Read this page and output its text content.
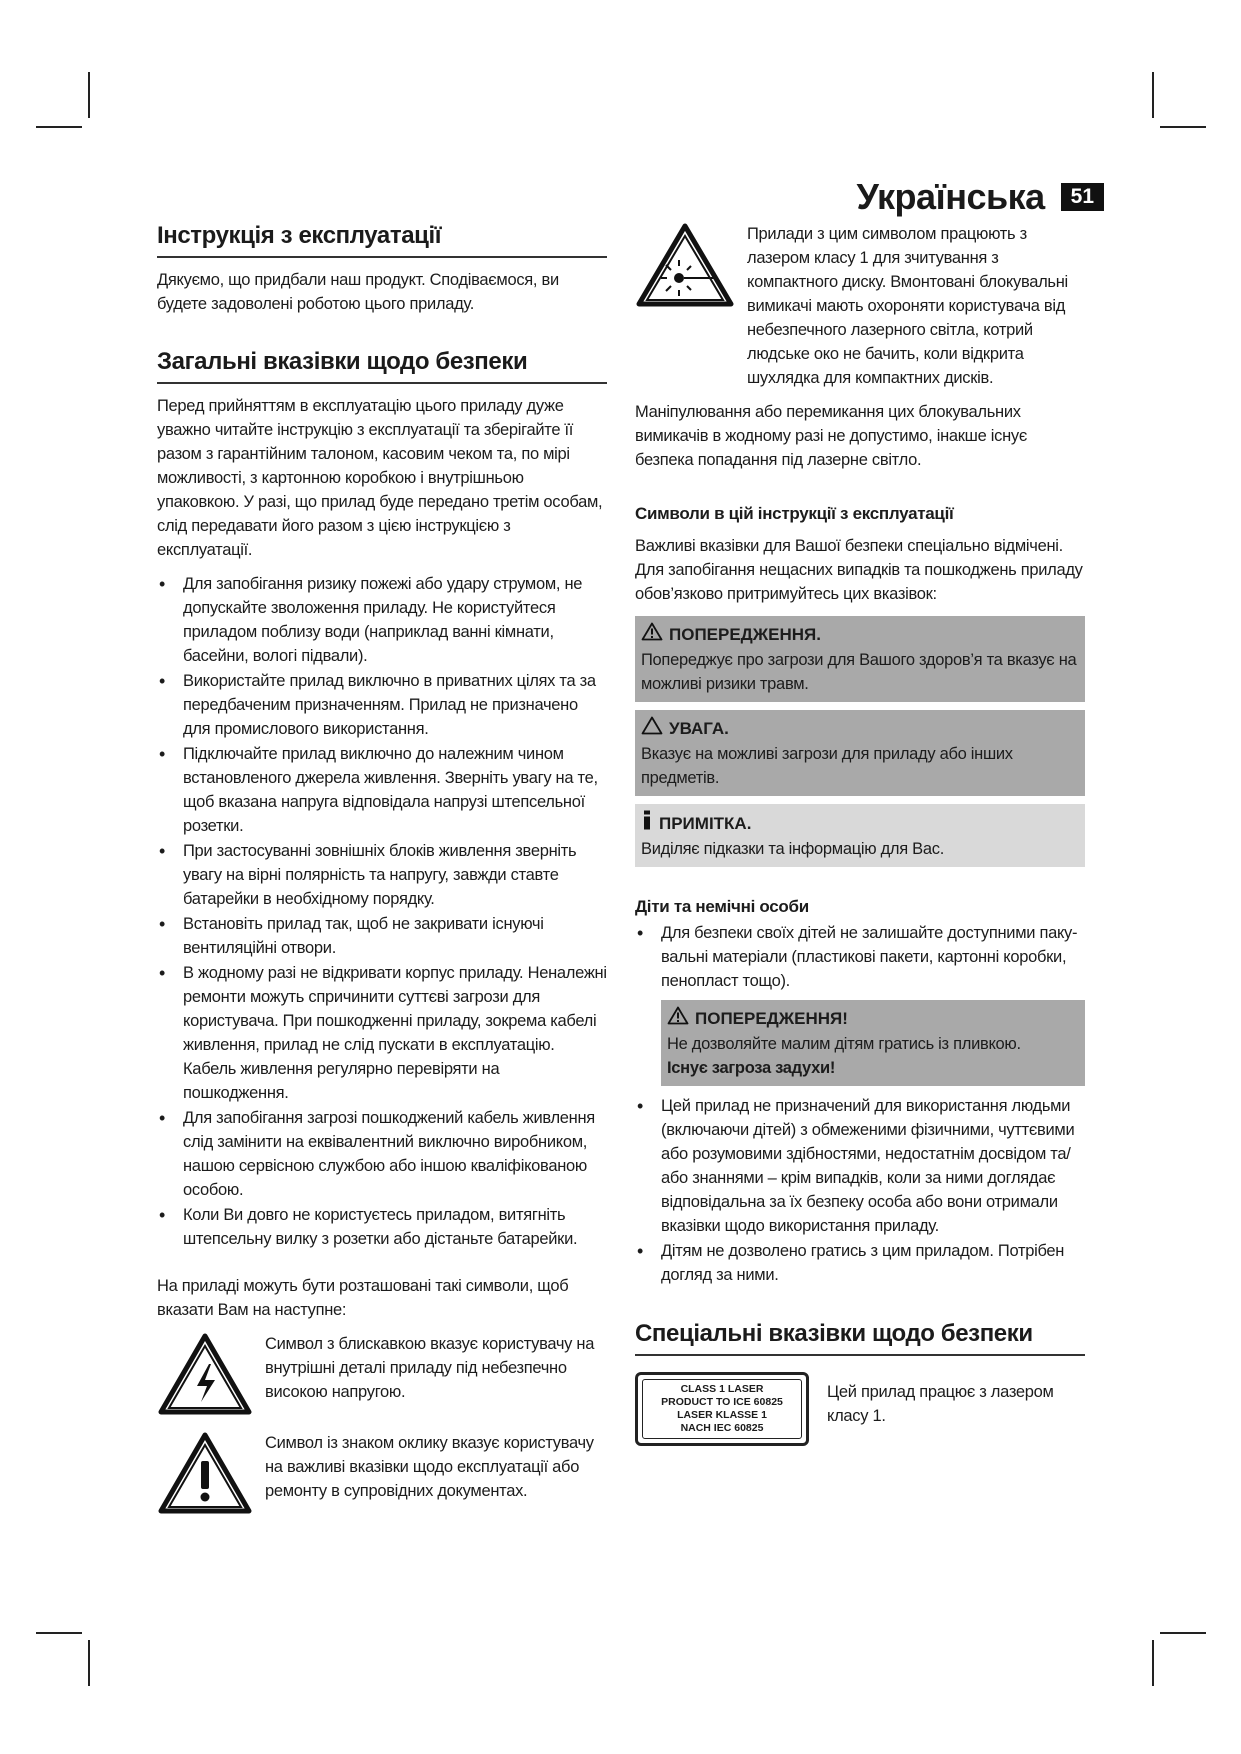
Українська	51
Інструкція з експлуатації

Дякуємо, що придбали наш продукт. Сподіваємося, ви будете задоволені роботою цього приладу.

Загальні вказівки щодо безпеки

Перед прийняттям в експлуатацію цього приладу дуже уважно читайте інструкцію з експлуатації та зберігайте її разом з гарантійним талоном, касовим чеком та, по мірі можливості, з картонною коробкою і внутрішньою упаковкою. У разі, що прилад буде передано третім особам, слід передавати його разом з цією інструкцією з експлуатації.

• Для запобігання ризику пожежі або удару струмом, не допускайте зволоження приладу. Не користуйтеся приладом поблизу води (наприклад ванні кімнати, басейни, вологі підвали).
• Використайте прилад виключно в приватних цілях та за передбаченим призначенням. Прилад не призначено для промислового використання.
• Підключайте прилад виключно до належним чином встановленого джерела живлення. Зверніть увагу на те, щоб вказана напруга відповідала напрузі штепсельної розетки.
• При застосуванні зовнішніх блоків живлення зверніть увагу на вірні полярність та напругу, завжди ставте батарейки в необхідному порядку.
• Встановіть прилад так, щоб не закривати існуючі вентиляційні отвори.
• В жодному разі не відкривати корпус приладу. Неналежні ремонти можуть спричинити суттєві загрози для користувача. При пошкодженні приладу, зокрема кабелі живлення, прилад не слід пускати в експлуатацію. Кабель живлення регулярно перевіряти на пошкодження.
• Для запобігання загрозі пошкоджений кабель живлення слід замінити на еквівалентний виключно виробником, нашою сервісною службою або іншою кваліфікованою особою.
• Коли Ви довго не користуєтесь приладом, витягніть штепсельну вилку з розетки або дістаньте батарейки.

На приладі можуть бути розташовані такі символи, щоб вказати Вам на наступне:

Символ з блискавкою вказує користувачу на внутрішні деталі приладу під небезпечно високою напругою.

Символ із знаком оклику вказує користувачу на важливі вказівки щодо експлуатації або ремонту в супровідних документах.

Прилади з цим символом працюють з лазером класу 1 для зчитування з компактного диску. Вмонтовані блокувальні вимикачі мають охороняти користувача від небезпечного лазерного світла, котрий людське око не бачить, коли відкрита шухлядка для компактних дисків.

Маніпулювання або перемикання цих блокувальних вимикачів в жодному разі не допустимо, інакше існує безпека попадання під лазерне світло.

Символи в цій інструкції з експлуатації

Важливі вказівки для Вашої безпеки спеціально відмічені. Для запобігання нещасних випадків та пошкоджень приладу обов’язково притримуйтесь цих вказівок:

ПОПЕРЕДЖЕННЯ.

Попереджує про загрози для Вашого здоров’я та вказує на можливі ризики травм.

УВАГА.

Вказує на можливі загрози для приладу або інших предметів.

ПРИМІТКА.

Виділяє підказки та інформацію для Вас.

Діти та немічні особи
• Для безпеки своїх дітей не залишайте доступними паку-вальні матеріали (пластикові пакети, картонні коробки, пенопласт тощо).
ПОПЕРЕДЖЕННЯ!

Не дозволяйте малим дітям гратись із пливкою.

Існує загроза задухи!

• Цей прилад не призначений для використання людьми (включаючи дітей) з обмеженими фізичними, чуттєвими або розумовими здібностями, недостатнім досвідом та/або знаннями – крім випадків, коли за ними доглядає відповідальна за їх безпеку особа або вони отримали вказівки щодо використання приладу.
• Дітям не дозволено гратись з цим приладом. Потрібен догляд за ними.
Спеціальні вказівки щодо безпеки
CLASS 1 LASER
PRODUCT TO ICE 60825
LASER KLASSE 1
NACH IEC 60825

Цей прилад працює з лазером класу 1.
